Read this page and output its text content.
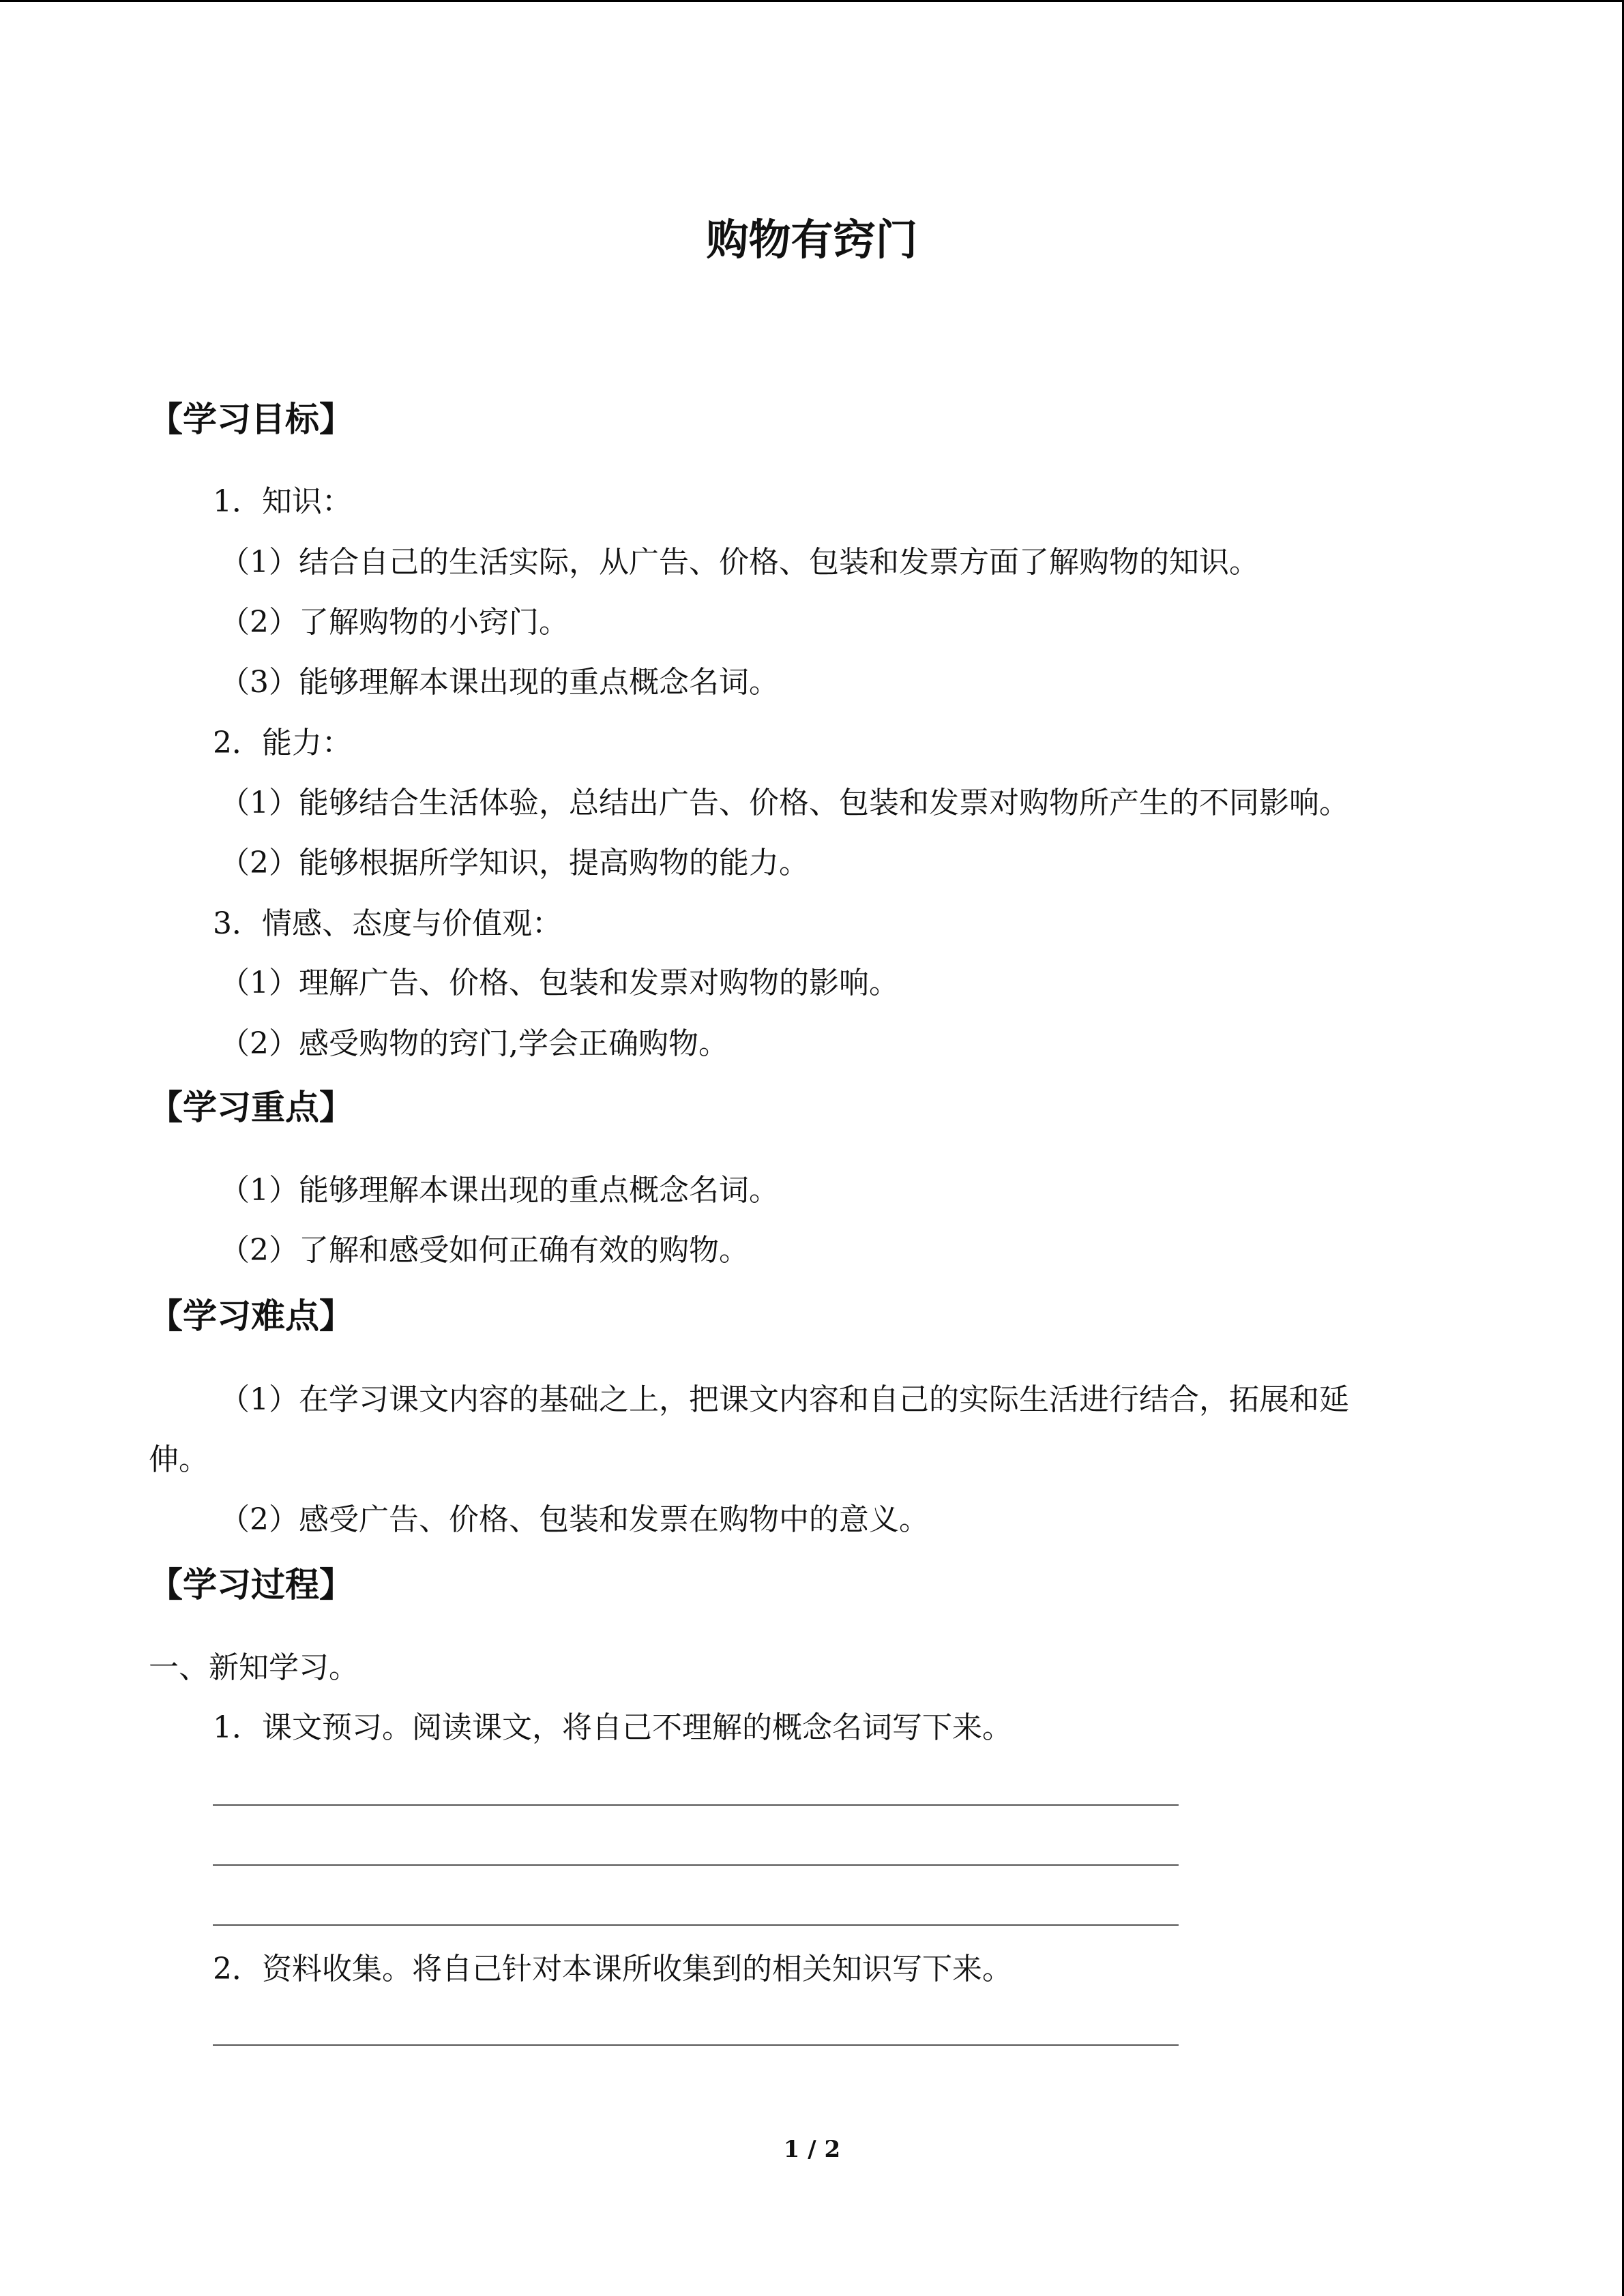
购物有窍门
【学习目标】
1．知识：
（1）结合自己的生活实际，从广告、价格、包装和发票方面了解购物的知识。
（2）了解购物的小窍门。
（3）能够理解本课出现的重点概念名词。
2．能力：
（1）能够结合生活体验，总结出广告、价格、包装和发票对购物所产生的不同影响。
（2）能够根据所学知识，提高购物的能力。
3．情感、态度与价值观：
（1）理解广告、价格、包装和发票对购物的影响。
（2）感受购物的窍门,学会正确购物。
【学习重点】
（1）能够理解本课出现的重点概念名词。
（2）了解和感受如何正确有效的购物。
【学习难点】
（1）在学习课文内容的基础之上，把课文内容和自己的实际生活进行结合，拓展和延
伸。
（2）感受广告、价格、包装和发票在购物中的意义。
【学习过程】
一、新知学习。
1．课文预习。阅读课文，将自己不理解的概念名词写下来。
2．资料收集。将自己针对本课所收集到的相关知识写下来。
1 / 2
